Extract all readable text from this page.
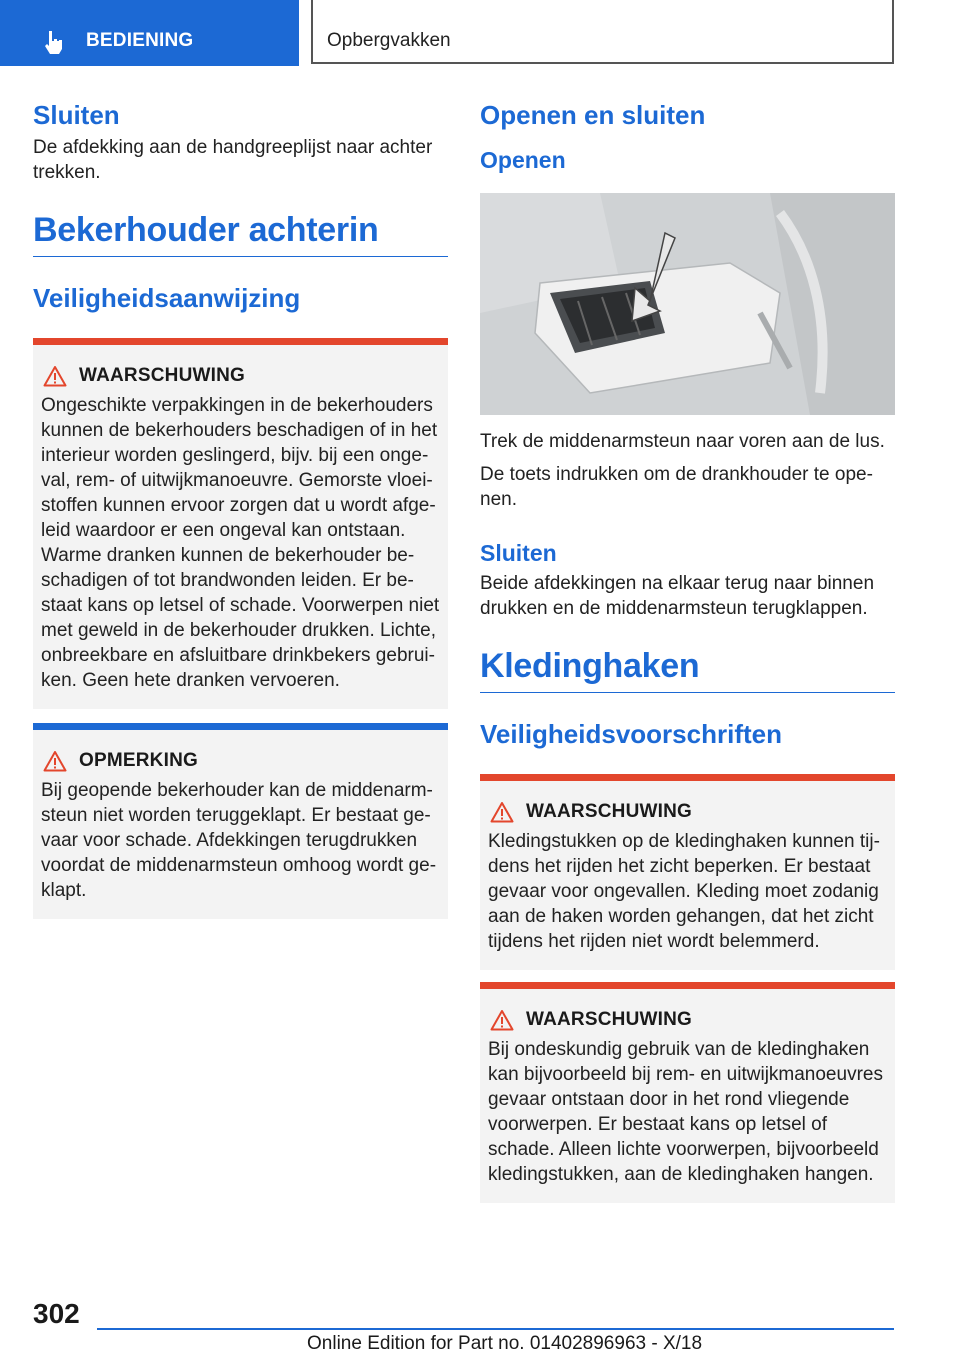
BEDIENING	Opbergvakken
Sluiten

De afdekking aan de handgreeplijst naar achter trekken.

Bekerhouder achterin
Veiligheidsaanwijzing
WAARSCHUWING
Ongeschikte verpakkingen in de bekerhouders kunnen de bekerhouders beschadigen of in het interieur worden geslingerd, bijv. bij een ongeval, rem- of uitwijkmanoeuvre. Gemorste vloeistoffen kunnen ervoor zorgen dat u wordt afgeleid waardoor er een ongeval kan ontstaan. Warme dranken kunnen de bekerhouder beschadigen of tot brandwonden leiden. Er bestaat kans op letsel of schade. Voorwerpen niet met geweld in de bekerhouder drukken. Lichte, onbreekbare en afsluitbare drinkbekers gebruiken. Geen hete dranken vervoeren.
OPMERKING
Bij geopende bekerhouder kan de middenarmsteun niet worden teruggeklapt. Er bestaat gevaar voor schade. Afdekkingen terugdrukken voordat de middenarmsteun omhoog wordt geklapt.
Openen en sluiten
Openen

Trek de middenarmsteun naar voren aan de lus.

De toets indrukken om de drankhouder te openen.

Sluiten

Beide afdekkingen na elkaar terug naar binnen drukken en de middenarmsteun terugklappen.

Kledinghaken
Veiligheidsvoorschriften
WAARSCHUWING
Kledingstukken op de kledinghaken kunnen tijdens het rijden het zicht beperken. Er bestaat gevaar voor ongevallen. Kleding moet zodanig aan de haken worden gehangen, dat het zicht tijdens het rijden niet wordt belemmerd.
WAARSCHUWING
Bij ondeskundig gebruik van de kledinghaken kan bijvoorbeeld bij rem- en uitwijkmanoeuvres gevaar ontstaan door in het rond vliegende voorwerpen. Er bestaat kans op letsel of schade. Alleen lichte voorwerpen, bijvoorbeeld kledingstukken, aan de kledinghaken hangen.
302
Online Edition for Part no. 01402896963 - X/18
